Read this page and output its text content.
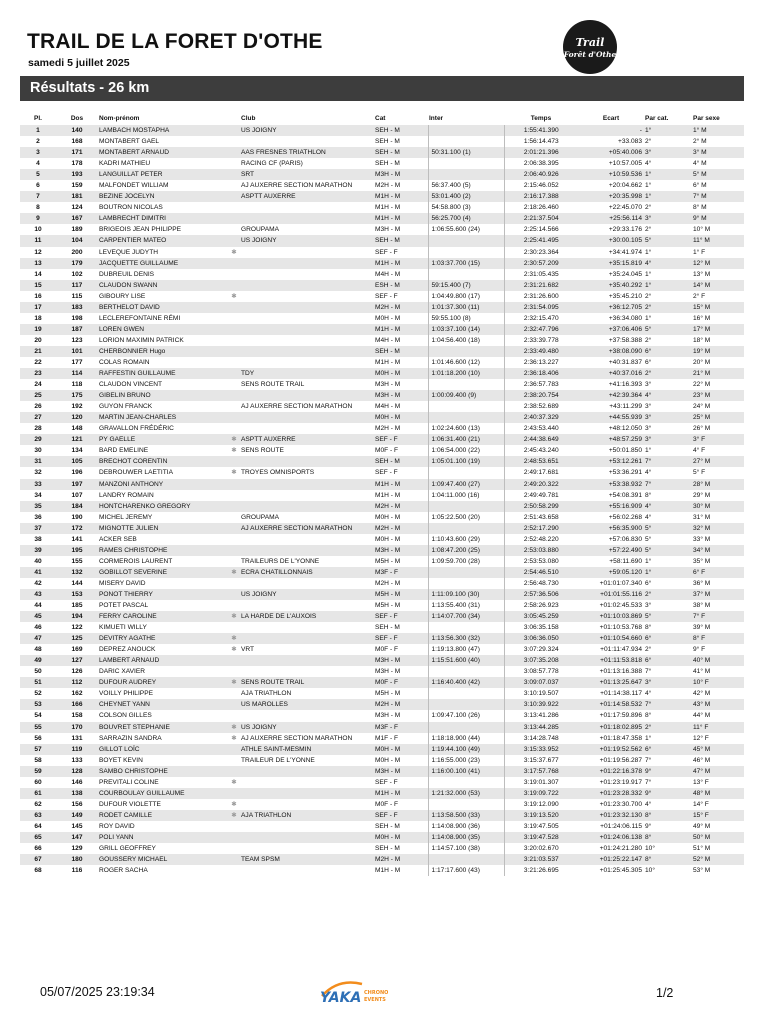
TRAIL DE LA FORET D'OTHE
samedi 5 juillet 2025
Trail
Forêt d'Othe
Résultats - 26 km
Pl.	Dos	Nom-prénom		Club	Cat	Inter	Temps	Ecart	Par cat.	Par sexe
1	140	LAMBACH MOSTAPHA		US JOIGNY	SEH - M		1:55:41.390	-	1°	1° M
2	168	MONTABERT GAEL			SEH - M		1:56:14.473	+33.083	2°	2° M
3	171	MONTABERT ARNAUD		AAS FRESNES TRIATHLON	SEH - M	50:31.100 (1)	2:01:21.396	+05:40.006	3°	3° M
4	178	KADRI MATHIEU		RACING CF (PARIS)	SEH - M		2:06:38.395	+10:57.005	4°	4° M
5	193	LANGUILLAT PETER		SRT	M3H - M		2:06:40.926	+10:59.536	1°	5° M
6	159	MALFONDET WILLIAM		AJ AUXERRE SECTION MARATHON	M2H - M	56:37.400 (5)	2:15:46.052	+20:04.662	1°	6° M
7	181	BEZINE JOCELYN		ASPTT AUXERRE	M1H - M	53:01.400 (2)	2:16:17.388	+20:35.998	1°	7° M
8	124	BOUTRON NICOLAS			M1H - M	54:58.800 (3)	2:18:26.460	+22:45.070	2°	8° M
9	167	LAMBRECHT DIMITRI			M1H - M	56:25.700 (4)	2:21:37.504	+25:56.114	3°	9° M
10	189	BRIGEOIS JEAN PHILIPPE		GROUPAMA	M3H - M	1:06:55.600 (24)	2:25:14.566	+29:33.176	2°	10° M
11	104	CARPENTIER MATEO		US JOIGNY	SEH - M		2:25:41.495	+30:00.105	5°	11° M
12	200	LEVEQUE JUDYTH	✱		SEF - F		2:30:23.364	+34:41.974	1°	1° F
13	179	JACQUETTE GUILLAUME			M1H - M	1:03:37.700 (15)	2:30:57.209	+35:15.819	4°	12° M
14	102	DUBREUIL DENIS			M4H - M		2:31:05.435	+35:24.045	1°	13° M
15	117	CLAUDON SWANN			ESH - M	59:15.400 (7)	2:31:21.682	+35:40.292	1°	14° M
16	115	GIBOURY LISE	✱		SEF - F	1:04:49.800 (17)	2:31:26.600	+35:45.210	2°	2° F
17	183	BERTHELOT DAVID			M2H - M	1:01:37.300 (11)	2:31:54.095	+36:12.705	2°	15° M
18	198	LECLEREFONTAINE RÉMI			M0H - M	59:55.100 (8)	2:32:15.470	+36:34.080	1°	16° M
19	187	LOREN GWEN			M1H - M	1:03:37.100 (14)	2:32:47.796	+37:06.406	5°	17° M
20	123	LORION MAXIMIN PATRICK			M4H - M	1:04:56.400 (18)	2:33:39.778	+37:58.388	2°	18° M
21	101	CHERBONNIER Hugo			SEH - M		2:33:49.480	+38:08.090	6°	19° M
22	177	COLAS ROMAIN			M1H - M	1:01:46.600 (12)	2:36:13.227	+40:31.837	6°	20° M
23	114	RAFFESTIN GUILLAUME		TDY	M0H - M	1:01:18.200 (10)	2:36:18.406	+40:37.016	2°	21° M
24	118	CLAUDON VINCENT		SENS ROUTE TRAIL	M3H - M		2:36:57.783	+41:16.393	3°	22° M
25	175	GIBELIN BRUNO			M3H - M	1:00:09.400 (9)	2:38:20.754	+42:39.364	4°	23° M
26	192	GUYON FRANCK		AJ AUXERRE SECTION MARATHON	M4H - M		2:38:52.689	+43:11.299	3°	24° M
27	120	MARTIN JEAN-CHARLES			M0H - M		2:40:37.329	+44:55.939	3°	25° M
28	148	GRAVALLON FRÉDÉRIC			M2H - M	1:02:24.600 (13)	2:43:53.440	+48:12.050	3°	26° M
29	121	PY GAELLE	✱	ASPTT AUXERRE	SEF - F	1:06:31.400 (21)	2:44:38.649	+48:57.259	3°	3° F
30	134	BARD EMELINE	✱	SENS ROUTE	M0F - F	1:06:54.000 (22)	2:45:43.240	+50:01.850	1°	4° F
31	105	BRECHOT CORENTIN			SEH - M	1:05:01.100 (19)	2:48:53.651	+53:12.261	7°	27° M
32	196	DEBROUWER LAETITIA	✱	TROYES OMNISPORTS	SEF - F		2:49:17.681	+53:36.291	4°	5° F
33	197	MANZONI ANTHONY			M1H - M	1:09:47.400 (27)	2:49:20.322	+53:38.932	7°	28° M
34	107	LANDRY ROMAIN			M1H - M	1:04:11.000 (16)	2:49:49.781	+54:08.391	8°	29° M
35	184	HONTCHARENKO GREGORY			M2H - M		2:50:58.299	+55:16.909	4°	30° M
36	190	MICHEL JEREMY		GROUPAMA	M0H - M	1:05:22.500 (20)	2:51:43.658	+56:02.268	4°	31° M
37	172	MIGNOTTE JULIEN		AJ AUXERRE SECTION MARATHON	M2H - M		2:52:17.290	+56:35.900	5°	32° M
38	141	ACKER SEB			M0H - M	1:10:43.600 (29)	2:52:48.220	+57:06.830	5°	33° M
39	195	RAMES CHRISTOPHE			M3H - M	1:08:47.200 (25)	2:53:03.880	+57:22.490	5°	34° M
40	155	CORMEROIS LAURENT		TRAILEURS DE L'YONNE	M5H - M	1:09:59.700 (28)	2:53:53.080	+58:11.690	1°	35° M
41	132	GOBILLOT SEVERINE	✱	ECRA CHATILLONNAIS	M3F - F		2:54:46.510	+59:05.120	1°	6° F
42	144	MISERY DAVID			M2H - M		2:56:48.730	+01:01:07.340	6°	36° M
43	153	PONOT THIERRY		US JOIGNY	M5H - M	1:11:09.100 (30)	2:57:36.506	+01:01:55.116	2°	37° M
44	185	POTET PASCAL			M5H - M	1:13:55.400 (31)	2:58:26.923	+01:02:45.533	3°	38° M
45	194	FERRY CAROLINE	✱	LA HARDE DE L'AUXOIS	SEF - F	1:14:07.700 (34)	3:05:45.259	+01:10:03.869	5°	7° F
46	122	KIMUETI WILLY			SEH - M		3:06:35.158	+01:10:53.768	8°	39° M
47	125	DEVITRY AGATHE	✱		SEF - F	1:13:56.300 (32)	3:06:36.050	+01:10:54.660	6°	8° F
48	169	DEPREZ ANOUCK	✱	VRT	M0F - F	1:19:13.800 (47)	3:07:29.324	+01:11:47.934	2°	9° F
49	127	LAMBERT ARNAUD			M3H - M	1:15:51.600 (40)	3:07:35.208	+01:11:53.818	6°	40° M
50	126	DARIC XAVIER			M3H - M		3:08:57.778	+01:13:16.388	7°	41° M
51	112	DUFOUR AUDREY	✱	SENS ROUTE TRAIL	M0F - F	1:16:40.400 (42)	3:09:07.037	+01:13:25.647	3°	10° F
52	162	VOILLY PHILIPPE		AJA TRIATHLON	M5H - M		3:10:19.507	+01:14:38.117	4°	42° M
53	166	CHEYNET YANN		US MAROLLES	M2H - M		3:10:39.922	+01:14:58.532	7°	43° M
54	158	COLSON GILLES			M3H - M	1:09:47.100 (26)	3:13:41.286	+01:17:59.896	8°	44° M
55	170	BOUVRET STEPHANIE	✱	US JOIGNY	M3F - F		3:13:44.285	+01:18:02.895	2°	11° F
56	131	SARRAZIN SANDRA	✱	AJ AUXERRE SECTION MARATHON	M1F - F	1:18:18.900 (44)	3:14:28.748	+01:18:47.358	1°	12° F
57	119	GILLOT LOÏC		ATHLE SAINT-MESMIN	M0H - M	1:19:44.100 (49)	3:15:33.952	+01:19:52.562	6°	45° M
58	133	BOYET KEVIN		TRAILEUR DE L'YONNE	M0H - M	1:16:55.000 (23)	3:15:37.677	+01:19:56.287	7°	46° M
59	128	SAMBO CHRISTOPHE			M3H - M	1:16:00.100 (41)	3:17:57.768	+01:22:16.378	9°	47° M
60	146	PREVITALI COLINE	✱		SEF - F		3:19:01.307	+01:23:19.917	7°	13° F
61	138	COURBOULAY GUILLAUME			M1H - M	1:21:32.000 (53)	3:19:09.722	+01:23:28.332	9°	48° M
62	156	DUFOUR VIOLETTE	✱		M0F - F		3:19:12.090	+01:23:30.700	4°	14° F
63	149	RODET CAMILLE	✱	AJA TRIATHLON	SEF - F	1:13:58.500 (33)	3:19:13.520	+01:23:32.130	8°	15° F
64	145	ROY DAVID			SEH - M	1:14:08.900 (36)	3:19:47.505	+01:24:06.115	9°	49° M
65	147	POLI YANN			M0H - M	1:14:08.900 (35)	3:19:47.528	+01:24:06.138	8°	50° M
66	129	GRILL GEOFFREY			SEH - M	1:14:57.100 (38)	3:20:02.670	+01:24:21.280	10°	51° M
67	180	GOUSSERY MICHAEL		TEAM SPSM	M2H - M		3:21:03.537	+01:25:22.147	8°	52° M
68	116	ROGER SACHA			M1H - M	1:17:17.600 (43)	3:21:26.695	+01:25:45.305	10°	53° M
05/07/2025 23:19:34	YAKA CHRONO
EVENTS	1/2
